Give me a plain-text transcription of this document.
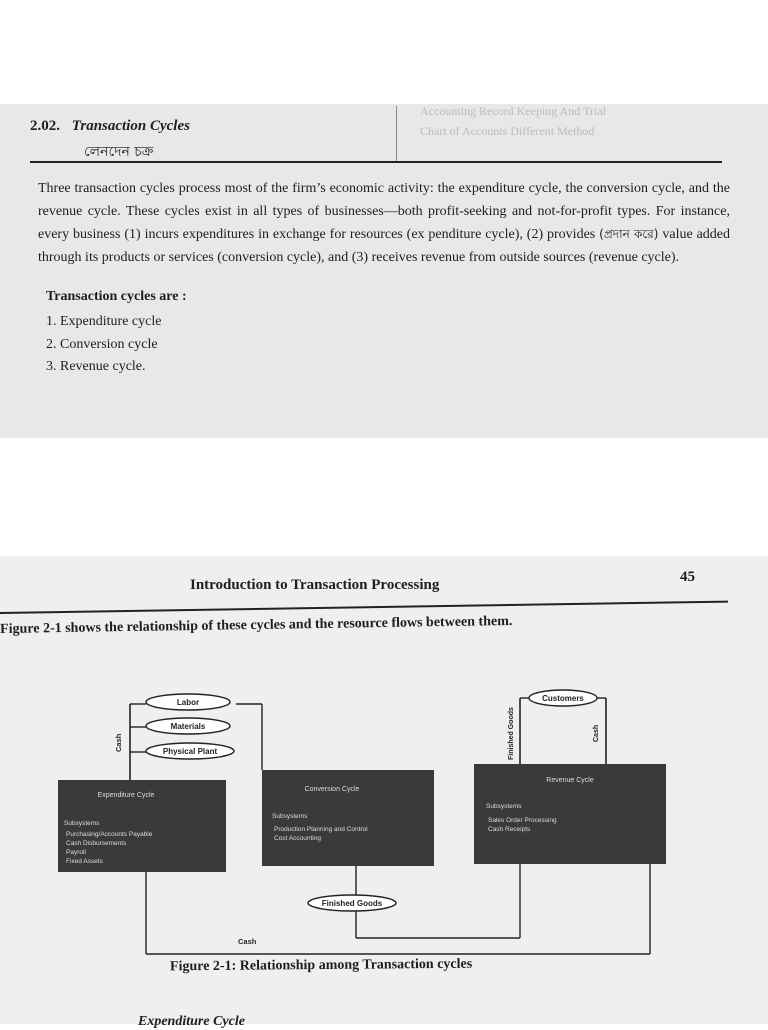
Accounting Record Keeping And Trial
Chart of Accounts Different Method
2.02. Transaction Cycles
লেনদেন চক্র

Three transaction cycles process most of the firm’s economic activity: the expenditure cycle, the conversion cycle, and the revenue cycle. These cycles exist in all types of businesses—both profit-seeking and not-for-profit types. For instance, every business (1) incurs expenditures in exchange for resources (ex penditure cycle), (2) provides (প্রদান করে) value added through its products or services (conversion cycle), and (3) receives revenue from outside sources (revenue cycle).

Transaction cycles are :
1. Expenditure cycle
2. Conversion cycle
3. Revenue cycle.
Introduction to Transaction Processing	45
Figure 2-1 shows the relationship of these cycles and the resource flows between them.
Cash
Labor
Materials
Physical Plant
Expenditure Cycle
Subsystems
Purchasing/Accounts Payable
Cash Disbursements
Payroll
Fixed Assets
Conversion Cycle
Subsystems
Production Planning and Control
Cost Accounting
Revenue Cycle
Subsystems
Sales Order Processing
Cash Receipts
Customers
Finished Goods	Cash
Finished Goods
Cash
Figure 2-1: Relationship among Transaction cycles
Expenditure Cycle
